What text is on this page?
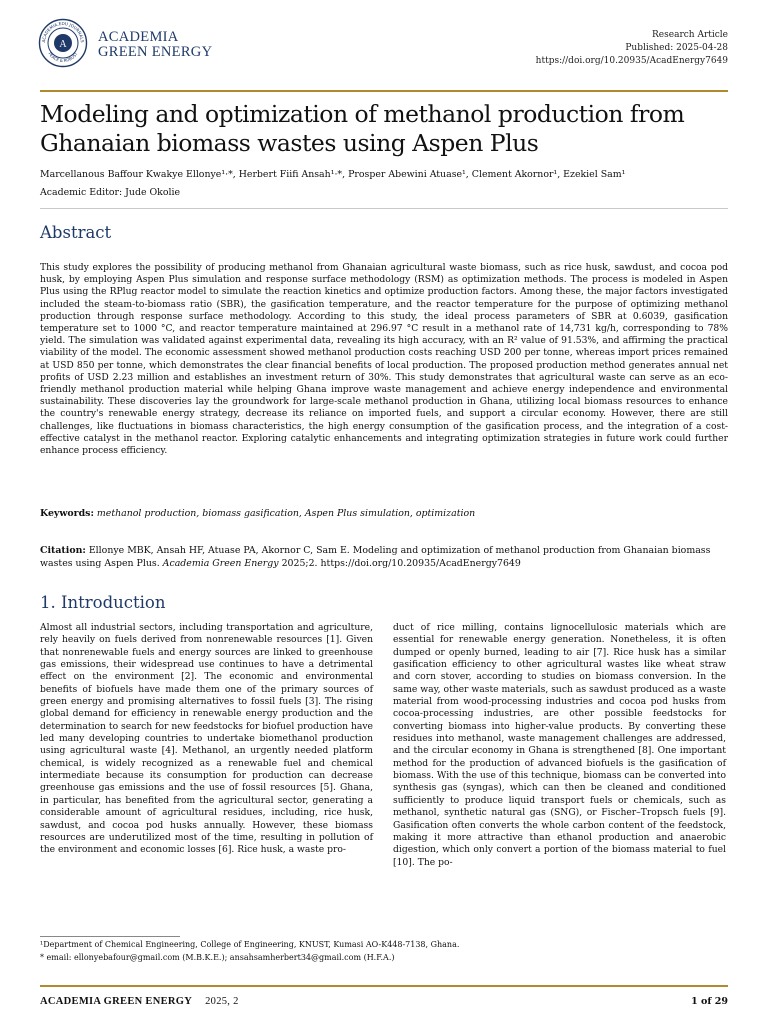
A
ACADEMIA.EDU JOURNALS
PEACE & ROBUST
ACADEMIA
GREEN ENERGY
Research Article
Published: 2025-04-28
https://doi.org/10.20935/AcadEnergy7649
Modeling and optimization of methanol production from Ghanaian biomass wastes using Aspen Plus
Marcellanous Baffour Kwakye Ellonye¹·*, Herbert Fiifi Ansah¹·*, Prosper Abewini Atuase¹, Clement Akornor¹, Ezekiel Sam¹
Academic Editor: Jude Okolie
Abstract
This study explores the possibility of producing methanol from Ghanaian agricultural waste biomass, such as rice husk, sawdust, and cocoa pod husk, by employing Aspen Plus simulation and response surface methodology (RSM) as optimization methods. The process is modeled in Aspen Plus using the RPlug reactor model to simulate the reaction kinetics and optimize production factors. Among these, the major factors investigated included the steam-to-biomass ratio (SBR), the gasification temperature, and the reactor temperature for the purpose of optimizing methanol production through response surface methodology. According to this study, the ideal process parameters of SBR at 0.6039, gasification temperature set to 1000 °C, and reactor temperature maintained at 296.97 °C result in a methanol rate of 14,731 kg/h, corresponding to 78% yield. The simulation was validated against experimental data, revealing its high accuracy, with an R² value of 91.53%, and affirming the practical viability of the model. The economic assessment showed methanol production costs reaching USD 200 per tonne, whereas import prices remained at USD 850 per tonne, which demonstrates the clear financial benefits of local production. The proposed production method generates annual net profits of USD 2.23 million and establishes an investment return of 30%. This study demonstrates that agricultural waste can serve as an eco-friendly methanol production material while helping Ghana improve waste management and achieve energy independence and environmental sustainability. These discoveries lay the groundwork for large-scale methanol production in Ghana, utilizing local biomass resources to enhance the country's renewable energy strategy, decrease its reliance on imported fuels, and support a circular economy. However, there are still challenges, like fluctuations in biomass characteristics, the high energy consumption of the gasification process, and the integration of a cost-effective catalyst in the methanol reactor. Exploring catalytic enhancements and integrating optimization strategies in future work could further enhance process efficiency.
Keywords: methanol production, biomass gasification, Aspen Plus simulation, optimization
Citation: Ellonye MBK, Ansah HF, Atuase PA, Akornor C, Sam E. Modeling and optimization of methanol production from Ghanaian biomass wastes using Aspen Plus. Academia Green Energy 2025;2. https://doi.org/10.20935/AcadEnergy7649
1. Introduction
Almost all industrial sectors, including transportation and agriculture, rely heavily on fuels derived from nonrenewable resources [1]. Given that nonrenewable fuels and energy sources are linked to greenhouse gas emissions, their widespread use continues to have a detrimental effect on the environment [2]. The economic and environmental benefits of biofuels have made them one of the primary sources of green energy and promising alternatives to fossil fuels [3]. The rising global demand for efficiency in renewable energy production and the determination to search for new feedstocks for biofuel production have led many developing countries to undertake biomethanol production using agricultural waste [4]. Methanol, an urgently needed platform chemical, is widely recognized as a renewable fuel and chemical intermediate because its consumption for production can decrease greenhouse gas emissions and the use of fossil resources [5]. Ghana, in particular, has benefited from the agricultural sector, generating a considerable amount of agricultural residues, including, rice husk, sawdust, and cocoa pod husks annually. However, these biomass resources are underutilized most of the time, resulting in pollution of the environment and economic losses [6]. Rice husk, a waste pro-
duct of rice milling, contains lignocellulosic materials which are essential for renewable energy generation. Nonetheless, it is often dumped or openly burned, leading to air [7]. Rice husk has a similar gasification efficiency to other agricultural wastes like wheat straw and corn stover, according to studies on biomass conversion. In the same way, other waste materials, such as sawdust produced as a waste material from wood-processing industries and cocoa pod husks from cocoa-processing industries, are other possible feedstocks for converting biomass into higher-value products. By converting these residues into methanol, waste management challenges are addressed, and the circular economy in Ghana is strengthened [8]. One important method for the production of advanced biofuels is the gasification of biomass. With the use of this technique, biomass can be converted into synthesis gas (syngas), which can then be cleaned and conditioned sufficiently to produce liquid transport fuels or chemicals, such as methanol, synthetic natural gas (SNG), or Fischer–Tropsch fuels [9]. Gasification often converts the whole carbon content of the feedstock, making it more attractive than ethanol production and anaerobic digestion, which only convert a portion of the biomass material to fuel [10]. The po-
¹Department of Chemical Engineering, College of Engineering, KNUST, Kumasi AO-K448-7138, Ghana.
* email: ellonyebafour@gmail.com (M.B.K.E.); ansahsamherbert34@gmail.com (H.F.A.)
ACADEMIA GREEN ENERGY 2025, 2	1 of 29
